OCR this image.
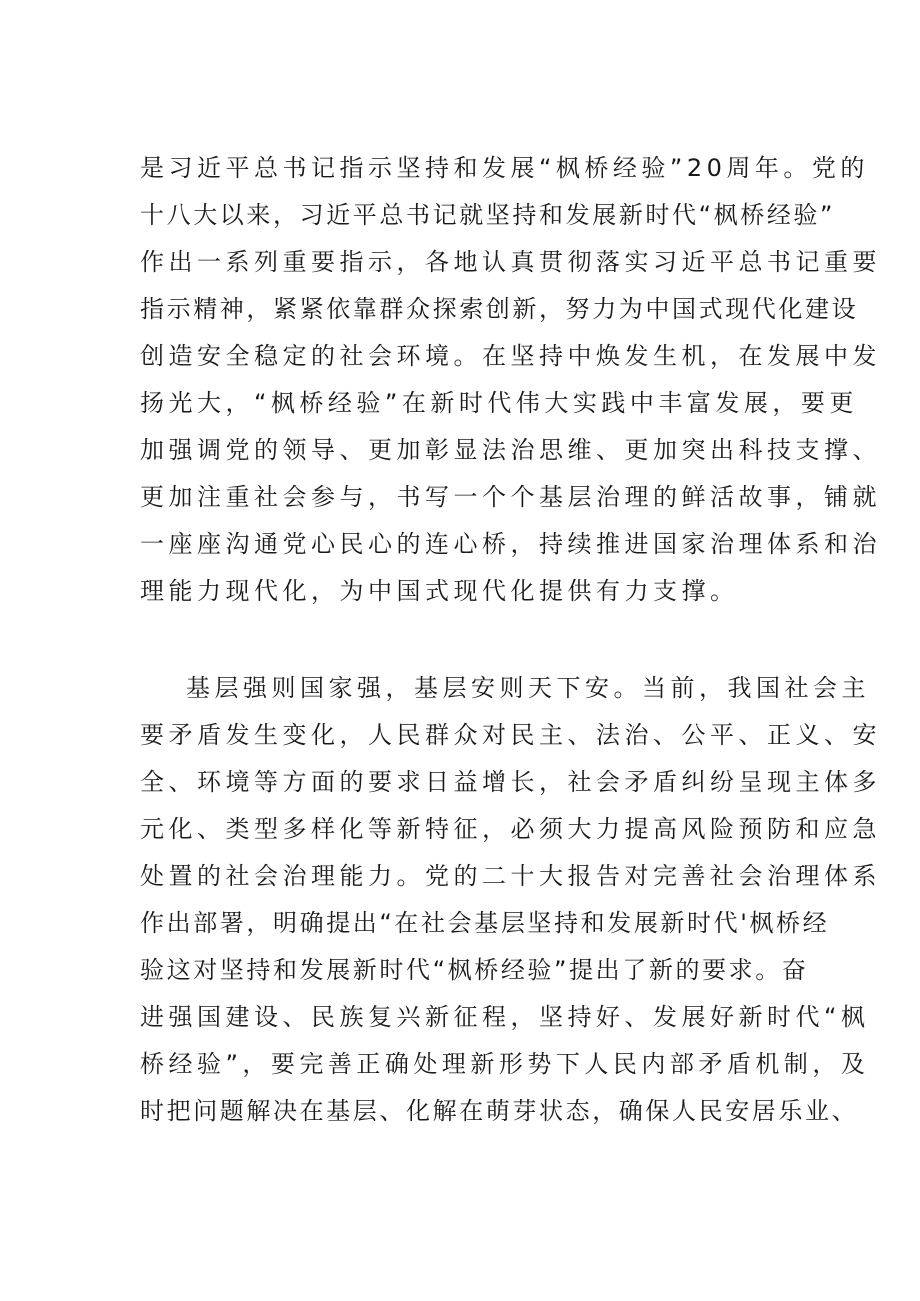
是习近平总书记指示坚持和发展“枫桥经验”20周年。党的
十八大以来，习近平总书记就坚持和发展新时代“枫桥经验”
作出一系列重要指示，各地认真贯彻落实习近平总书记重要
指示精神，紧紧依靠群众探索创新，努力为中国式现代化建设
创造安全稳定的社会环境。在坚持中焕发生机，在发展中发
扬光大，“枫桥经验”在新时代伟大实践中丰富发展，要更
加强调党的领导、更加彰显法治思维、更加突出科技支撑、
更加注重社会参与，书写一个个基层治理的鲜活故事，铺就
一座座沟通党心民心的连心桥，持续推进国家治理体系和治
理能力现代化，为中国式现代化提供有力支撑。
基层强则国家强，基层安则天下安。当前，我国社会主
要矛盾发生变化，人民群众对民主、法治、公平、正义、安
全、环境等方面的要求日益增长，社会矛盾纠纷呈现主体多
元化、类型多样化等新特征，必须大力提高风险预防和应急
处置的社会治理能力。党的二十大报告对完善社会治理体系
作出部署，明确提出“在社会基层坚持和发展新时代'枫桥经
验这对坚持和发展新时代“枫桥经验”提出了新的要求。奋
进强国建设、民族复兴新征程，坚持好、发展好新时代“枫
桥经验”，要完善正确处理新形势下人民内部矛盾机制，及
时把问题解决在基层、化解在萌芽状态，确保人民安居乐业、
